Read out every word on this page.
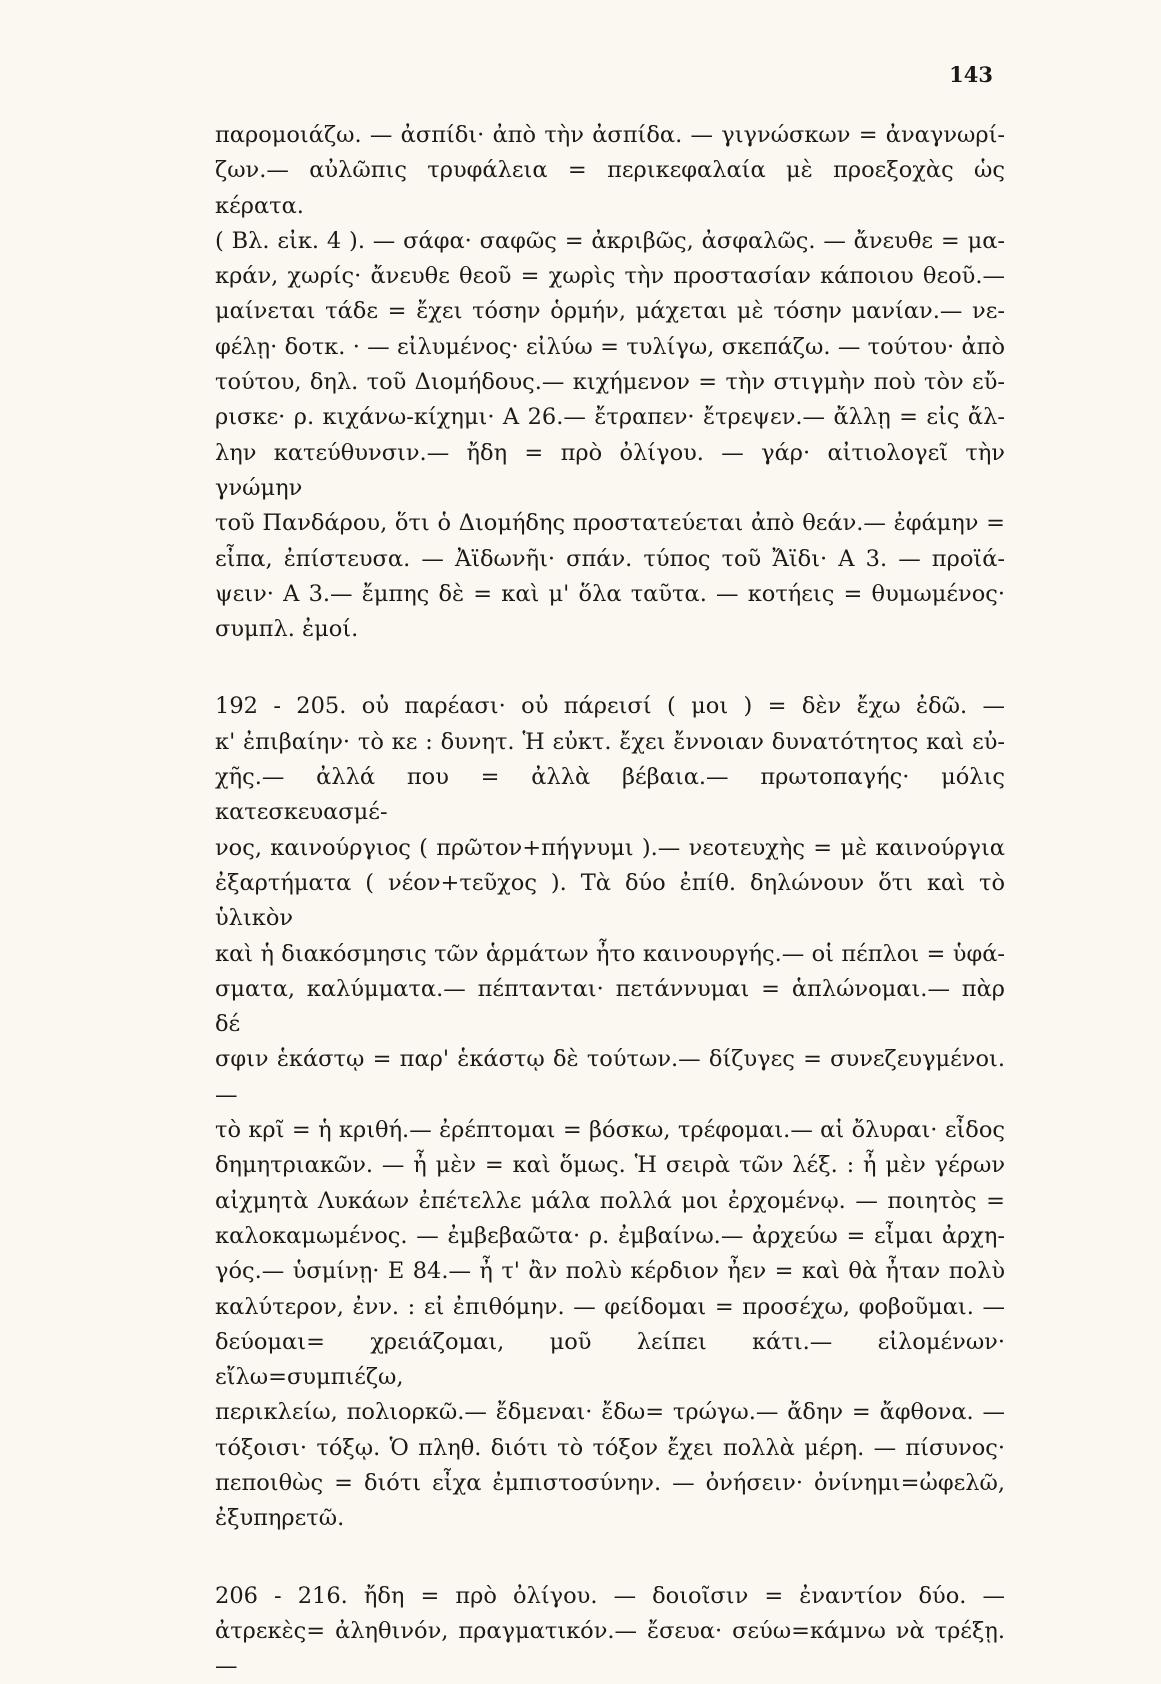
143
παρομοιάζω. — ἀσπίδι· ἀπὸ τὴν ἀσπίδα. — γιγνώσκων = ἀναγνωρί-
ζων.— αὐλῶπις τρυφάλεια = περικεφαλαία μὲ προεξοχὰς ὡς κέρατα.
( Βλ. εἰκ. 4 ). — σάφα· σαφῶς = ἀκριβῶς, ἀσφαλῶς. — ἄνευθε = μα-
κράν, χωρίς· ἄνευθε θεοῦ = χωρὶς τὴν προστασίαν κάποιου θεοῦ.—
μαίνεται τάδε = ἔχει τόσην ὁρμήν, μάχεται μὲ τόσην μανίαν.— νε-
φέλῃ· δοτκ. · — εἰλυμένος· εἰλύω = τυλίγω, σκεπάζω. — τούτου· ἀπὸ
τούτου, δηλ. τοῦ Διομήδους.— κιχήμενον = τὴν στιγμὴν ποὺ τὸν εὔ-
ρισκε· ρ. κιχάνω-κίχημι· Α 26.— ἔτραπεν· ἔτρεψεν.— ἄλλῃ = εἰς ἄλ-
λην κατεύθυνσιν.— ἤδη = πρὸ ὀλίγου. — γάρ· αἰτιολογεῖ τὴν γνώμην
τοῦ Πανδάρου, ὅτι ὁ Διομήδης προστατεύεται ἀπὸ θεάν.— ἐφάμην =
εἶπα, ἐπίστευσα. — Ἀϊδωνῆι· σπάν. τύπος τοῦ Ἄϊδι· Α 3. — προϊά-
ψειν· Α 3.— ἔμπης δὲ = καὶ μ' ὅλα ταῦτα. — κοτήεις = θυμωμένος·
συμπλ. ἐμοί.
192 - 205. οὐ παρέασι· οὐ πάρεισί ( μοι ) = δὲν ἔχω ἐδῶ. —
κ' ἐπιβαίην· τὸ κε : δυνητ. Ἡ εὐκτ. ἔχει ἔννοιαν δυνατότητος καὶ εὐ-
χῆς.— ἀλλά που = ἀλλὰ βέβαια.— πρωτοπαγής· μόλις κατεσκευασμέ-
νος, καινούργιος ( πρῶτον+πήγνυμι ).— νεοτευχὴς = μὲ καινούργια
ἐξαρτήματα ( νέον+τεῦχος ). Τὰ δύο ἐπίθ. δηλώνουν ὅτι καὶ τὸ ὑλικὸν
καὶ ἡ διακόσμησις τῶν ἁρμάτων ἦτο καινουργής.— οἱ πέπλοι = ὑφά-
σματα, καλύμματα.— πέπτανται· πετάννυμαι = ἁπλώνομαι.— πὰρ δέ
σφιν ἑκάστῳ = παρ' ἑκάστῳ δὲ τούτων.— δίζυγες = συνεζευγμένοι.—
τὸ κρῖ = ἡ κριθή.— ἐρέπτομαι = βόσκω, τρέφομαι.— αἱ ὄλυραι· εἶδος
δημητριακῶν. — ἦ μὲν = καὶ ὅμως. Ἡ σειρὰ τῶν λέξ. : ἦ μὲν γέρων
αἰχμητὰ Λυκάων ἐπέτελλε μάλα πολλά μοι ἐρχομένῳ. — ποιητὸς =
καλοκαμωμένος. — ἐμβεβαῶτα· ρ. ἐμβαίνω.— ἀρχεύω = εἶμαι ἀρχη-
γός.— ὑσμίνῃ· Ε 84.— ἦ τ' ἂν πολὺ κέρδιον ἦεν = καὶ θὰ ἦταν πολὺ
καλύτερον, ἐνν. : εἰ ἐπιθόμην. — φείδομαι = προσέχω, φοβοῦμαι. —
δεύομαι= χρειάζομαι, μοῦ λείπει κάτι.— εἰλομένων· εἴλω=συμπιέζω,
περικλείω, πολιορκῶ.— ἔδμεναι· ἔδω= τρώγω.— ἄδην = ἄφθονα. —
τόξοισι· τόξῳ. Ὁ πληθ. διότι τὸ τόξον ἔχει πολλὰ μέρη. — πίσυνος·
πεποιθὼς = διότι εἶχα ἐμπιστοσύνην. — ὀνήσειν· ὀνίνημι=ὠφελῶ,
ἐξυπηρετῶ.
206 - 216. ἤδη = πρὸ ὀλίγου. — δοιοῖσιν = ἐναντίον δύο. —
ἀτρεκὲς= ἀληθινόν, πραγματικόν.— ἔσευα· σεύω=κάμνω νὰ τρέξῃ. —
